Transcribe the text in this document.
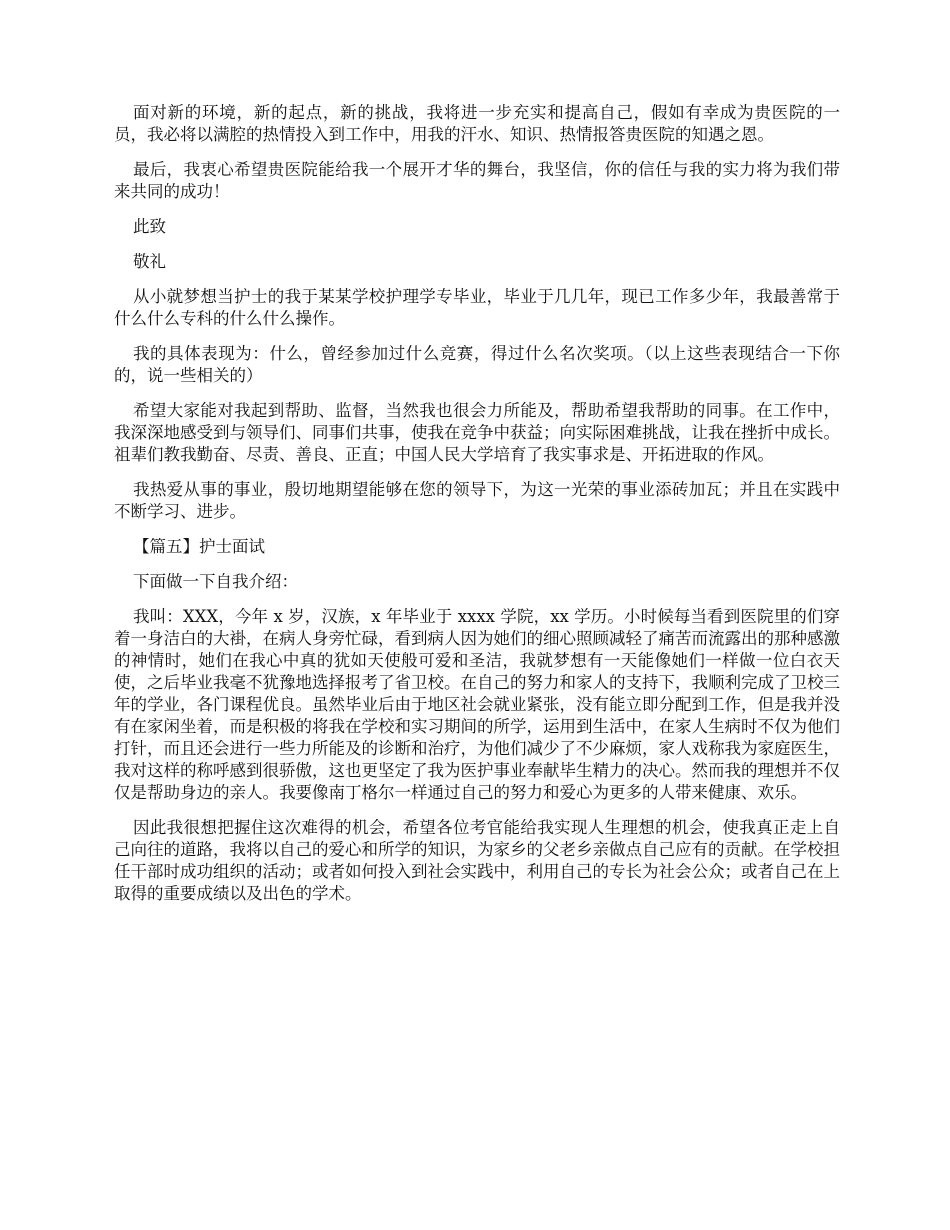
面对新的环境，新的起点，新的挑战，我将进一步充实和提高自己，假如有幸成为贵医院的一员，我必将以满腔的热情投入到工作中，用我的汗水、知识、热情报答贵医院的知遇之恩。

最后，我衷心希望贵医院能给我一个展开才华的舞台，我坚信，你的信任与我的实力将为我们带来共同的成功！

此致

敬礼

从小就梦想当护士的我于某某学校护理学专毕业，毕业于几几年，现已工作多少年，我最善常于什么什么专科的什么什么操作。

我的具体表现为：什么，曾经参加过什么竞赛，得过什么名次奖项。（以上这些表现结合一下你的，说一些相关的）

希望大家能对我起到帮助、监督，当然我也很会力所能及，帮助希望我帮助的同事。在工作中，我深深地感受到与领导们、同事们共事，使我在竞争中获益；向实际困难挑战，让我在挫折中成长。祖辈们教我勤奋、尽责、善良、正直；中国人民大学培育了我实事求是、开拓进取的作风。

我热爱从事的事业，殷切地期望能够在您的领导下，为这一光荣的事业添砖加瓦；并且在实践中不断学习、进步。

【篇五】护士面试

下面做一下自我介绍：

我叫：XXX，今年 x 岁，汉族，x 年毕业于 xxxx 学院，xx 学历。小时候每当看到医院里的们穿着一身洁白的大褂，在病人身旁忙碌，看到病人因为她们的细心照顾减轻了痛苦而流露出的那种感激的神情时，她们在我心中真的犹如天使般可爱和圣洁，我就梦想有一天能像她们一样做一位白衣天使，之后毕业我毫不犹豫地选择报考了省卫校。在自己的努力和家人的支持下，我顺利完成了卫校三年的学业，各门课程优良。虽然毕业后由于地区社会就业紧张，没有能立即分配到工作，但是我并没有在家闲坐着，而是积极的将我在学校和实习期间的所学，运用到生活中，在家人生病时不仅为他们打针，而且还会进行一些力所能及的诊断和治疗，为他们减少了不少麻烦，家人戏称我为家庭医生，我对这样的称呼感到很骄傲，这也更坚定了我为医护事业奉献毕生精力的决心。然而我的理想并不仅仅是帮助身边的亲人。我要像南丁格尔一样通过自己的努力和爱心为更多的人带来健康、欢乐。

因此我很想把握住这次难得的机会，希望各位考官能给我实现人生理想的机会，使我真正走上自己向往的道路，我将以自己的爱心和所学的知识，为家乡的父老乡亲做点自己应有的贡献。在学校担任干部时成功组织的活动；或者如何投入到社会实践中，利用自己的专长为社会公众；或者自己在上取得的重要成绩以及出色的学术。
